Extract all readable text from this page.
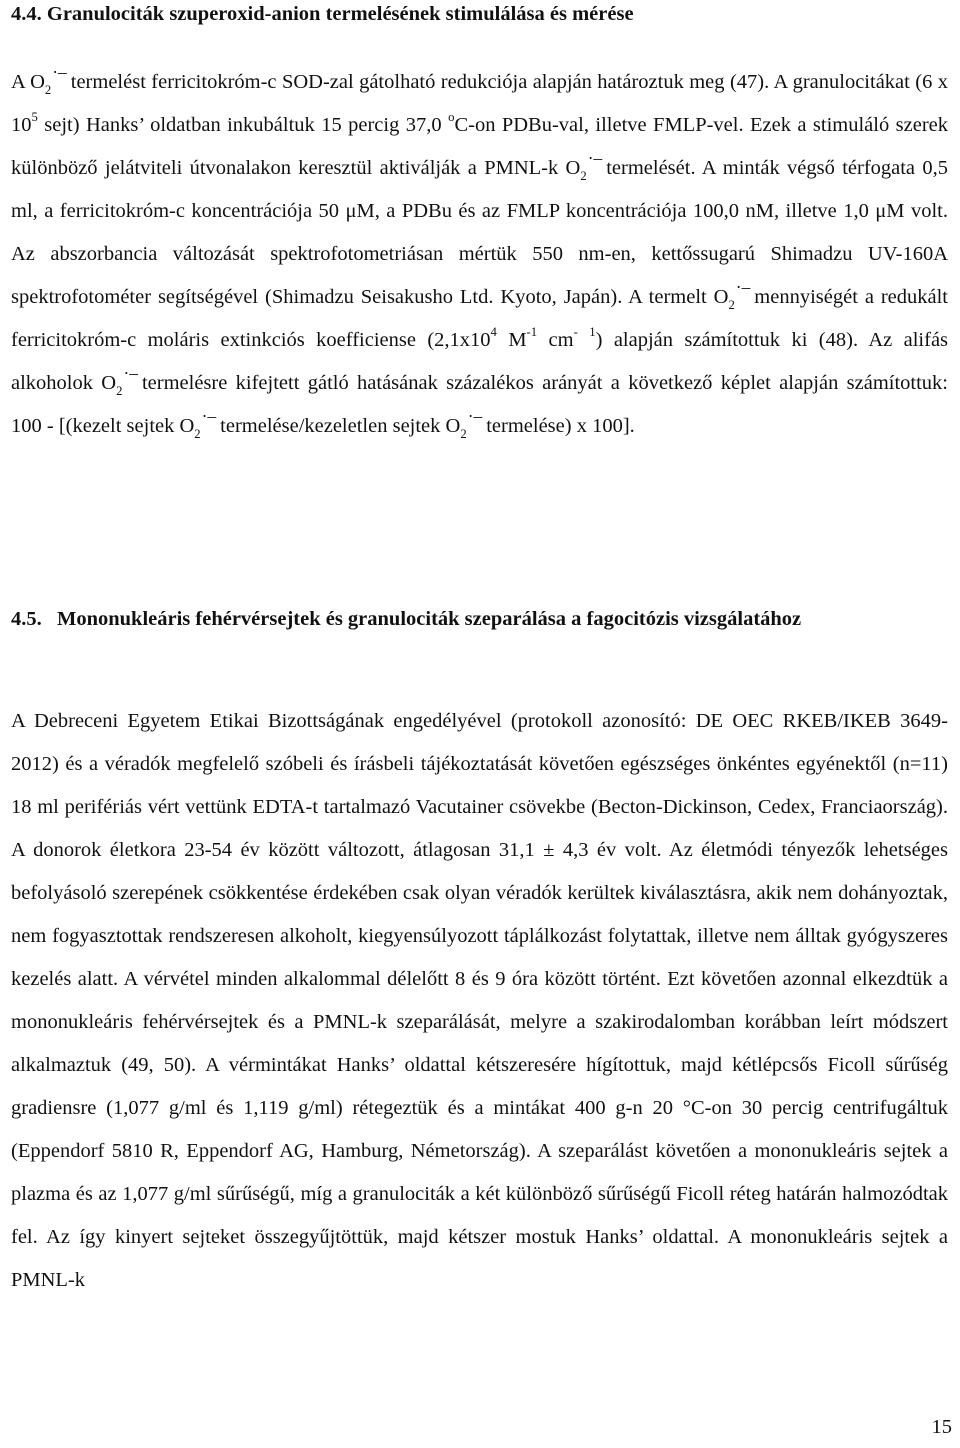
4.4. Granulociták szuperoxid-anion termelésének stimulálása és mérése
A $O_2^{\cdot-}$ termelést ferricitokróm-c SOD-zal gátolható redukciója alapján határoztuk meg (47). A granulocitákat (6 x $10^5$ sejt) Hanks’ oldatban inkubáltuk 15 percig 37,0 $^o$C-on PDBu-val, illetve FMLP-vel. Ezek a stimuláló szerek különböző jelátviteli útvonalakon keresztül aktiválják a PMNL-k $O_2^{\cdot-}$ termelését. A minták végső térfogata 0,5 ml, a ferricitokróm-c koncentrációja 50 μM, a PDBu és az FMLP koncentrációja 100,0 nM, illetve 1,0 μM volt. Az abszorbancia változását spektrofotometriásan mértük 550 nm-en, kettőssugarú Shimadzu UV-160A spektrofotométer segítségével (Shimadzu Seisakusho Ltd. Kyoto, Japán). A termelt $O_2^{\cdot-}$ mennyiségét a redukált ferricitokróm-c moláris extinkciós koefficiense ($2,1x10^4$ $M^{-1}$ cm- $^1$) alapján számítottuk ki (48). Az alifás alkoholok $O_2^{\cdot-}$ termelésre kifejtett gátló hatásának százalékos arányát a következő képlet alapján számítottuk: 100 - [(kezelt sejtek $O_2^{\cdot-}$ termelése/kezeletlen sejtek $O_2^{\cdot-}$ termelése) x 100].
4.5. Mononukleáris fehérvérsejtek és granulociták szeparálása a fagocitózis vizsgálatához
A Debreceni Egyetem Etikai Bizottságának engedélyével (protokoll azonosító: DE OEC RKEB/IKEB 3649-2012) és a véradók megfelelő szóbeli és írásbeli tájékoztatását követően egészséges önkéntes egyénektől (n=11) 18 ml perifériás vért vettünk EDTA-t tartalmazó Vacutainer csövekbe (Becton-Dickinson, Cedex, Franciaország). A donorok életkora 23-54 év között változott, átlagosan 31,1 ± 4,3 év volt. Az életmódi tényezők lehetséges befolyásoló szerepének csökkentése érdekében csak olyan véradók kerültek kiválasztásra, akik nem dohányoztak, nem fogyasztottak rendszeresen alkoholt, kiegyensúlyozott táplálkozást folytattak, illetve nem álltak gyógyszeres kezelés alatt. A vérvétel minden alkalommal délelőtt 8 és 9 óra között történt. Ezt követően azonnal elkezdtük a mononukleáris fehérvérsejtek és a PMNL-k szeparálását, melyre a szakirodalomban korábban leírt módszert alkalmaztuk (49, 50). A vérmintákat Hanks’ oldattal kétszeresére hígítottuk, majd kétlépcsős Ficoll sűrűség gradiensre (1,077 g/ml és 1,119 g/ml) rétegeztük és a mintákat 400 g-n 20 °C-on 30 percig centrifugáltuk (Eppendorf 5810 R, Eppendorf AG, Hamburg, Németország). A szeparálást követően a mononukleáris sejtek a plazma és az 1,077 g/ml sűrűségű, míg a granulociták a két különböző sűrűségű Ficoll réteg határán halmozódtak fel. Az így kinyert sejteket összegyűjtöttük, majd kétszer mostuk Hanks’ oldattal. A mononukleáris sejtek a PMNL-k
15
